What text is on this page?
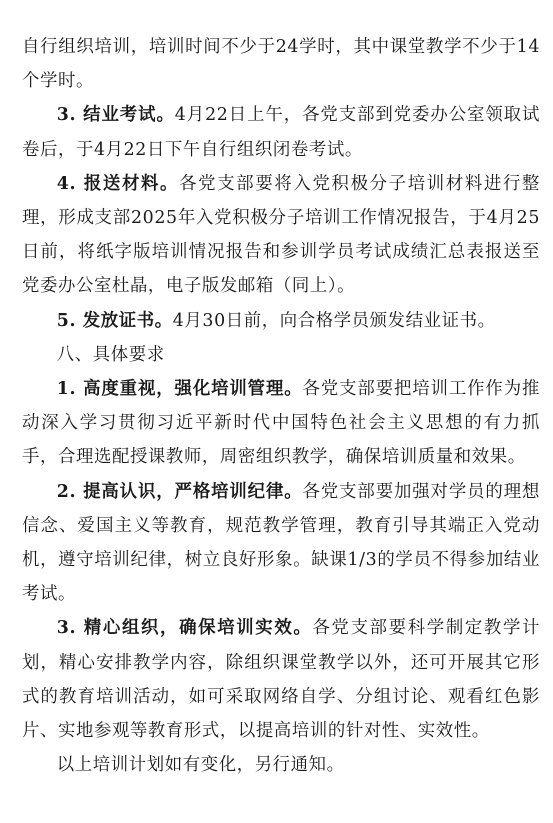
自行组织培训，培训时间不少于24学时，其中课堂教学不少于14个学时。

3. 结业考试。4月22日上午，各党支部到党委办公室领取试卷后，于4月22日下午自行组织闭卷考试。

4. 报送材料。各党支部要将入党积极分子培训材料进行整理，形成支部2025年入党积极分子培训工作情况报告，于4月25日前，将纸字版培训情况报告和参训学员考试成绩汇总表报送至党委办公室杜晶，电子版发邮箱（同上）。

5. 发放证书。4月30日前，向合格学员颁发结业证书。

八、具体要求

1. 高度重视，强化培训管理。各党支部要把培训工作作为推动深入学习贯彻习近平新时代中国特色社会主义思想的有力抓手，合理选配授课教师，周密组织教学，确保培训质量和效果。

2. 提高认识，严格培训纪律。各党支部要加强对学员的理想信念、爱国主义等教育，规范教学管理，教育引导其端正入党动机，遵守培训纪律，树立良好形象。缺课1/3的学员不得参加结业考试。

3. 精心组织，确保培训实效。各党支部要科学制定教学计划，精心安排教学内容，除组织课堂教学以外，还可开展其它形式的教育培训活动，如可采取网络自学、分组讨论、观看红色影片、实地参观等教育形式，以提高培训的针对性、实效性。

以上培训计划如有变化，另行通知。
